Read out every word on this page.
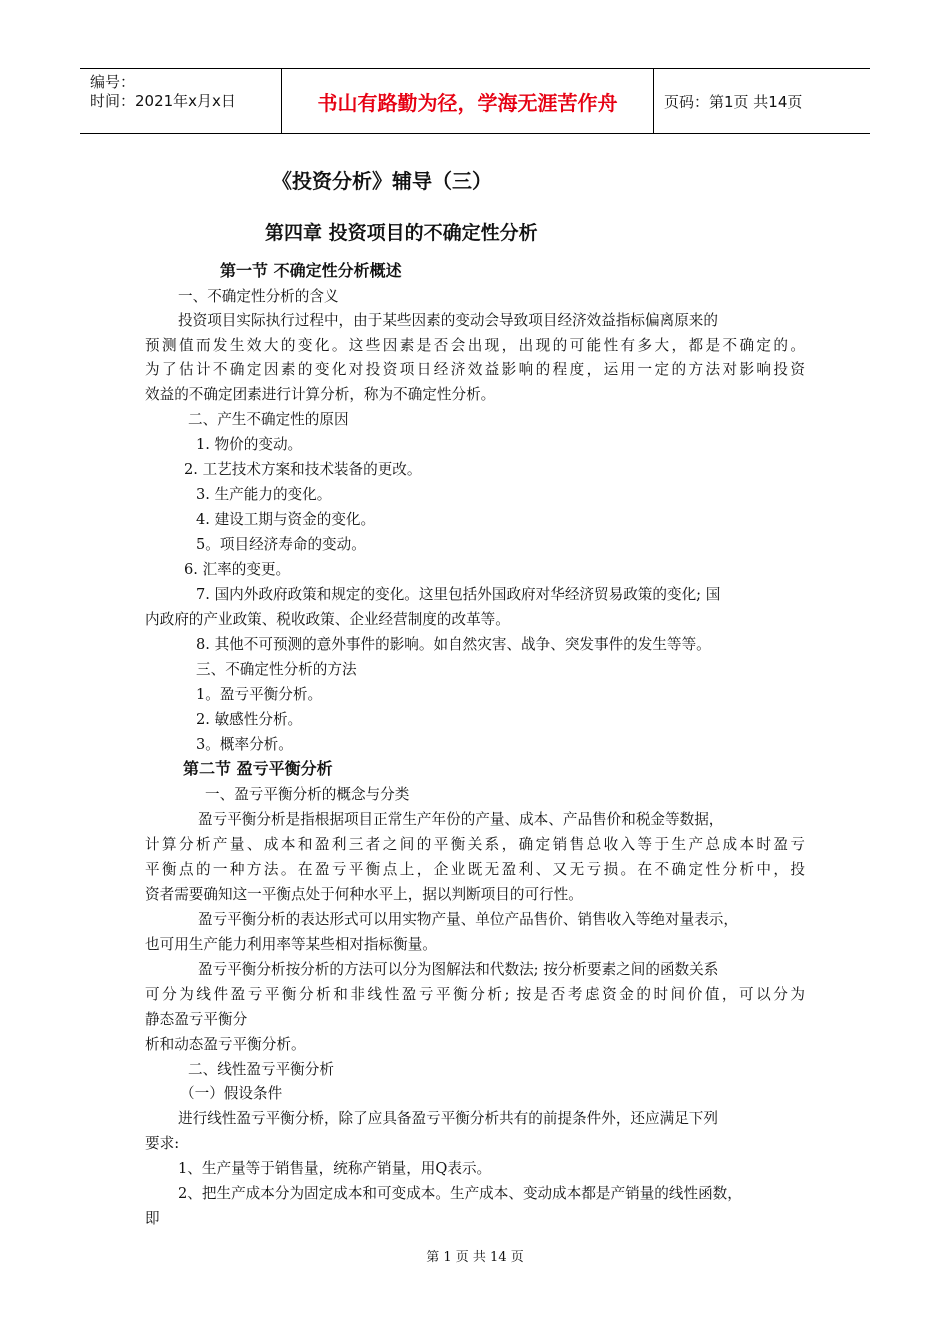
编号：
时间：2021年x月x日	书山有路勤为径，学海无涯苦作舟	页码：第1页 共14页
《投资分析》辅导（三）
第四章 投资项目的不确定性分析
第一节 不确定性分析概述
一、不确定性分析的含义
投资项目实际执行过程中，由于某些因素的变动会导致项目经济效益指标偏离原来的
预测值而发生效大的变化。这些因素是否会出现，出现的可能性有多大，都是不确定的。
为了估计不确定因素的变化对投资项日经济效益影响的程度，运用一定的方法对影响投资
效益的不确定团素进行计算分析，称为不确定性分析。
二、产生不确定性的原因
1. 物价的变动。
2. 工艺技术方案和技术装备的更改。
3. 生产能力的变化。
4. 建设工期与资金的变化。
5。项目经济寿命的变动。
6. 汇率的变更。
7. 国内外政府政策和规定的变化。这里包括外国政府对华经济贸易政策的变化; 国
内政府的产业政策、税收政策、企业经营制度的改革等。
8. 其他不可预测的意外事件的影响。如自然灾害、战争、突发事件的发生等等。
三、不确定性分析的方法
1。盈亏平衡分析。
2. 敏感性分析。
3。概率分析。
第二节 盈亏平衡分析
一、盈亏平衡分析的概念与分类
盈亏平衡分析是指根据项目正常生产年份的产量、成本、产品售价和税金等数据，
计算分析产量、成本和盈利三者之间的平衡关系，确定销售总收入等于生产总成本时盈亏
平衡点的一种方法。在盈亏平衡点上，企业既无盈利、又无亏损。在不确定性分析中，投
资者需要确知这一平衡点处于何种水平上，据以判断项目的可行性。
盈亏平衡分析的表达形式可以用实物产量、单位产品售价、销售收入等绝对量表示，
也可用生产能力利用率等某些相对指标衡量。
盈亏平衡分析按分析的方法可以分为图解法和代数法; 按分析要素之间的函数关系
可分为线件盈亏平衡分析和非线性盈亏平衡分析; 按是否考虑资金的时间价值，可以分为
静态盈亏平衡分
析和动态盈亏平衡分析。
二、线性盈亏平衡分析
（一）假设条件
进行线性盈亏平衡分桥，除了应具备盈亏平衡分析共有的前提条件外，还应满足下列
要求:
1、生产量等于销售量，统称产销量，用Q表示。
2、把生产成本分为固定成本和可变成本。生产成本、变动成本都是产销量的线性函数，
即
第 1 页 共 14 页
